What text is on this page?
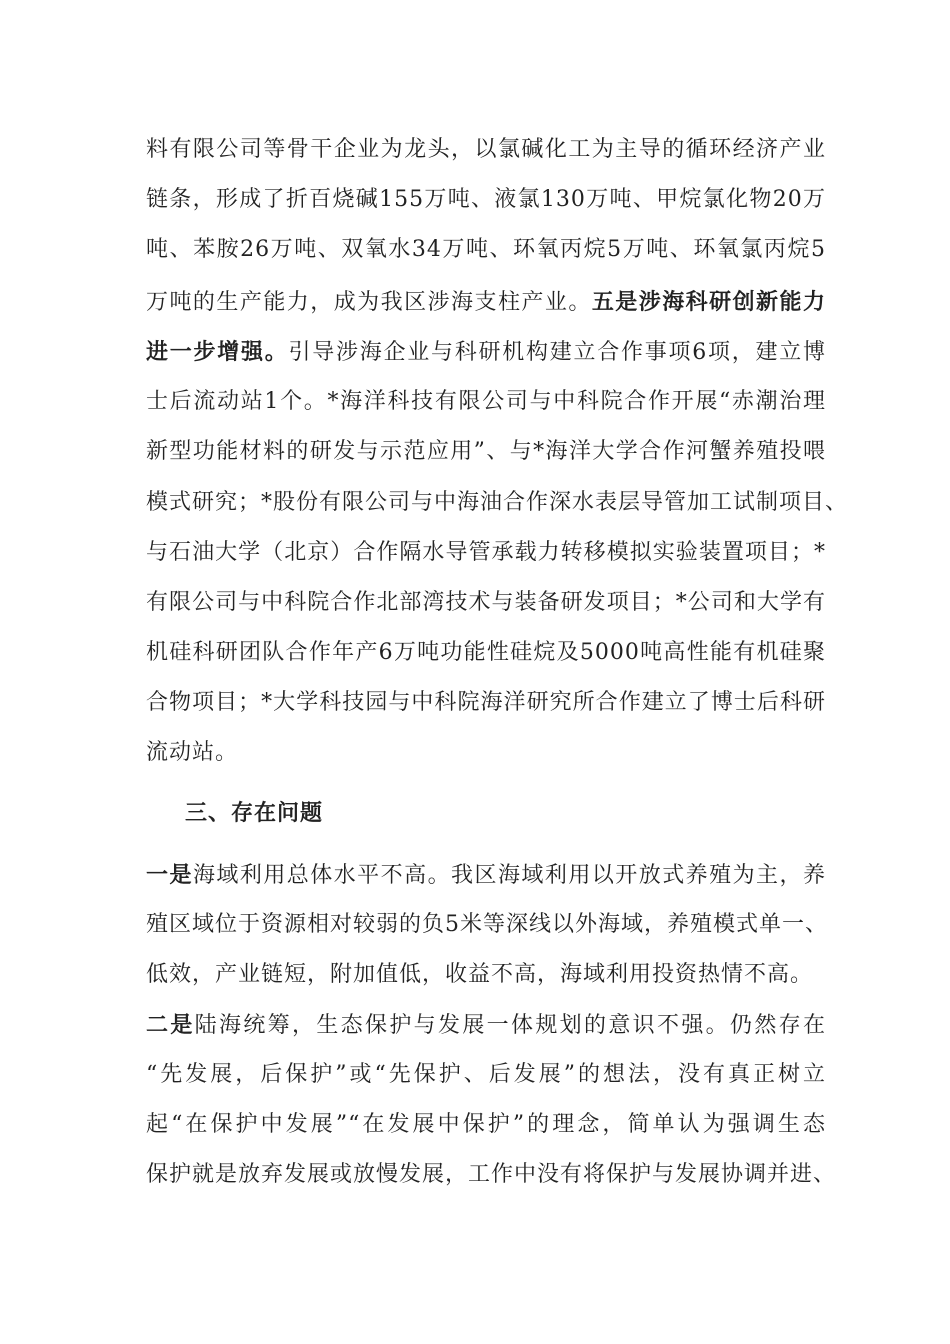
料有限公司等骨干企业为龙头，以氯碱化工为主导的循环经济产业
链条，形成了折百烧碱155万吨、液氯130万吨、甲烷氯化物20万
吨、苯胺26万吨、双氧水34万吨、环氧丙烷5万吨、环氧氯丙烷5
万吨的生产能力，成为我区涉海支柱产业。五是涉海科研创新能力
进一步增强。引导涉海企业与科研机构建立合作事项6项，建立博
士后流动站1个。*海洋科技有限公司与中科院合作开展“赤潮治理
新型功能材料的研发与示范应用”、与*海洋大学合作河蟹养殖投喂
模式研究；*股份有限公司与中海油合作深水表层导管加工试制项目、
与石油大学（北京）合作隔水导管承载力转移模拟实验装置项目；*
有限公司与中科院合作北部湾技术与装备研发项目；*公司和大学有
机硅科研团队合作年产6万吨功能性硅烷及5000吨高性能有机硅聚
合物项目；*大学科技园与中科院海洋研究所合作建立了博士后科研
流动站。
三、存在问题
一是海域利用总体水平不高。我区海域利用以开放式养殖为主，养
殖区域位于资源相对较弱的负5米等深线以外海域，养殖模式单一、
低效，产业链短，附加值低，收益不高，海域利用投资热情不高。
二是陆海统筹，生态保护与发展一体规划的意识不强。仍然存在
“先发展，后保护”或“先保护、后发展”的想法，没有真正树立
起“在保护中发展”“在发展中保护”的理念，简单认为强调生态
保护就是放弃发展或放慢发展，工作中没有将保护与发展协调并进、
